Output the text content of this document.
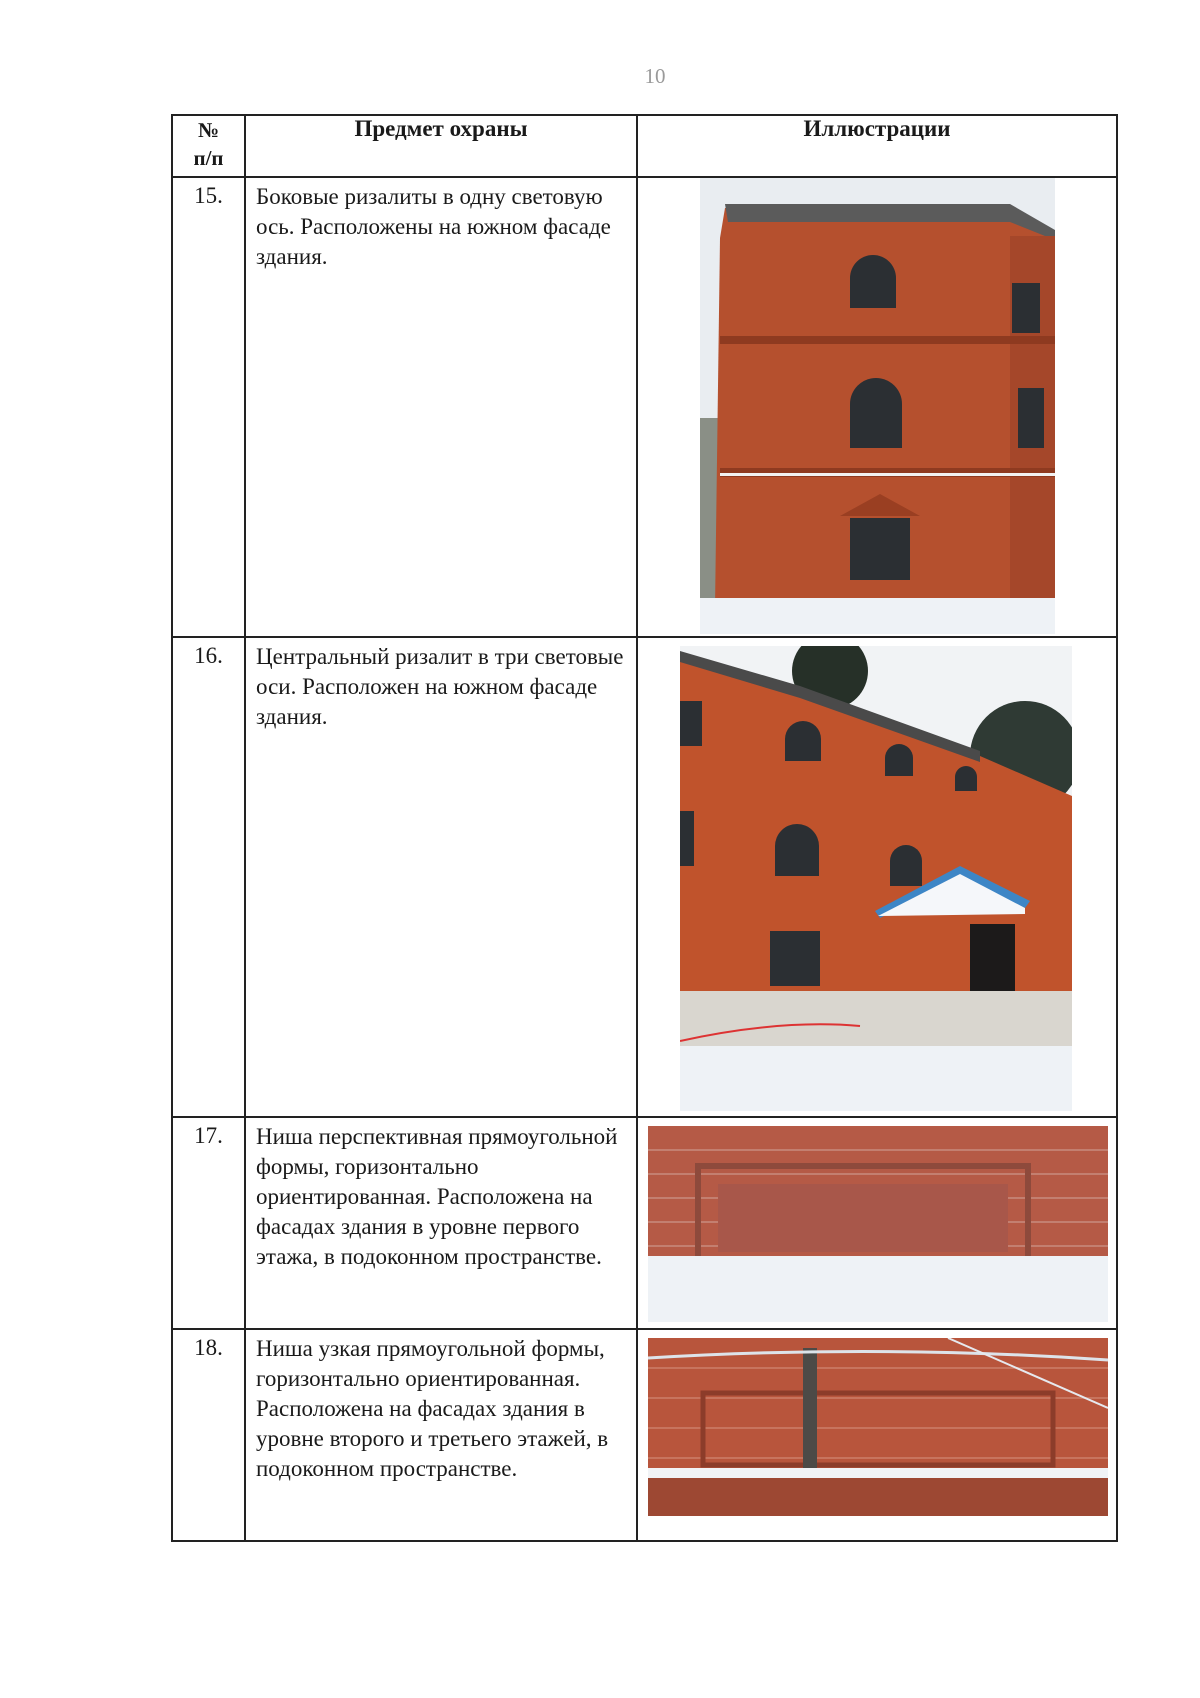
10
№
п/п	Предмет охраны	Иллюстрации
15.	Боковые ризалиты в одну световую ось. Расположены на южном фасаде здания.	

16.	Центральный ризалит в три световые оси. Расположен на южном фасаде здания.	

17.	Ниша перспективная прямоугольной формы, горизонтально ориентированная. Расположена на фасадах здания в уровне первого этажа, в подоконном пространстве.	

18.	Ниша узкая прямоугольной формы, горизонтально ориентированная. Расположена на фасадах здания в уровне второго и третьего этажей, в подоконном пространстве.	
